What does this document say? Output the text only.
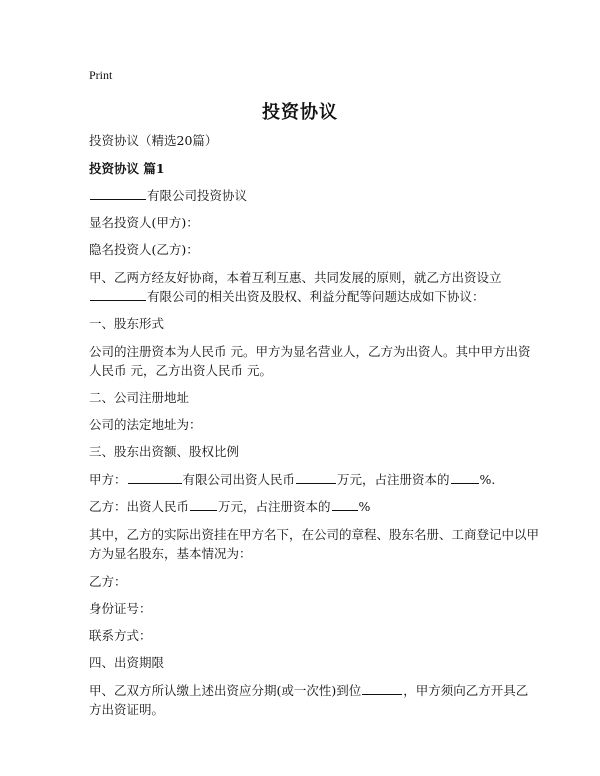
Print
投资协议
投资协议（精选20篇）
投资协议 篇1
有限公司投资协议
显名投资人(甲方)：
隐名投资人(乙方)：
甲、乙两方经友好协商，本着互利互惠、共同发展的原则，就乙方出资设立
有限公司的相关出资及股权、利益分配等问题达成如下协议：
一、股东形式
公司的注册资本为人民币 元。甲方为显名营业人，乙方为出资人。其中甲方出资
人民币 元，乙方出资人民币 元。
二、公司注册地址
公司的法定地址为：
三、股东出资额、股权比例
甲方：	有限公司出资人民币	万元，占注册资本的 %.
乙方：出资人民币 万元，占注册资本的 %
其中，乙方的实际出资挂在甲方名下，在公司的章程、股东名册、工商登记中以甲
方为显名股东，基本情况为：
乙方：
身份证号：
联系方式：
四、出资期限
甲、乙双方所认缴上述出资应分期(或一次性)到位	，甲方须向乙方开具乙
方出资证明。
